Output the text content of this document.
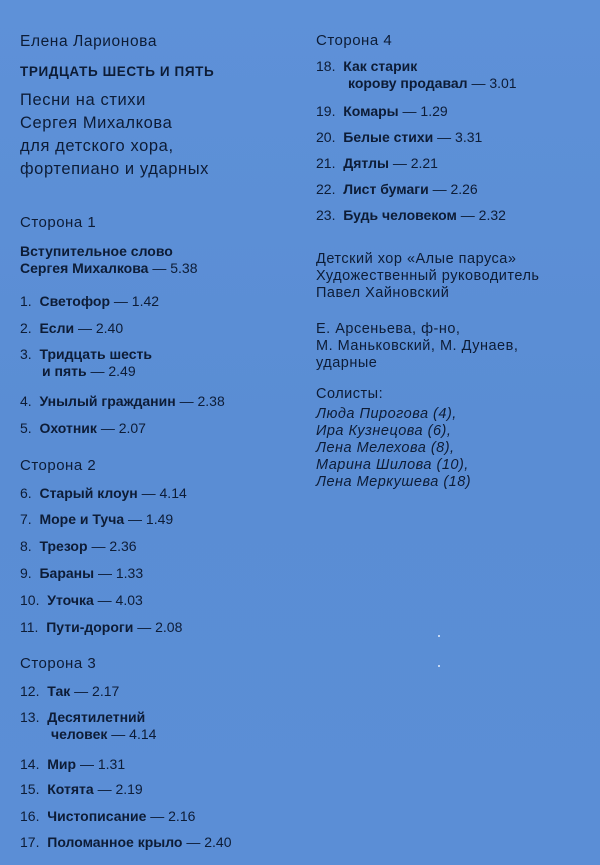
Елена Ларионова
ТРИДЦАТЬ ШЕСТЬ И ПЯТЬ
Песни на стихи
Сергея Михалкова
для детского хора,
фортепиано и ударных
Сторона 1
Вступительное слово
Сергея Михалкова — 5.38
1. Светофор — 1.42
2. Если — 2.40
3. Тридцать шесть
и пять — 2.49
4. Унылый гражданин — 2.38
5. Охотник — 2.07
Сторона 2
6. Старый клоун — 4.14
7. Море и Туча — 1.49
8. Трезор — 2.36
9. Бараны — 1.33
10. Уточка — 4.03
11. Пути-дороги — 2.08
Сторона 3
12. Так — 2.17
13. Десятилетний
человек — 4.14
14. Мир — 1.31
15. Котята — 2.19
16. Чистописание — 2.16
17. Поломанное крыло — 2.40
Сторона 4
18. Как старик
корову продавал — 3.01
19. Комары — 1.29
20. Белые стихи — 3.31
21. Дятлы — 2.21
22. Лист бумаги — 2.26
23. Будь человеком — 2.32
Детский хор «Алые паруса»
Художественный руководитель
Павел Хайновский
Е. Арсеньева, ф-но,
М. Маньковский, М. Дунаев,
ударные
Солисты:
Люда Пирогова (4),
Ира Кузнецова (6),
Лена Мелехова (8),
Марина Шилова (10),
Лена Меркушева (18)
